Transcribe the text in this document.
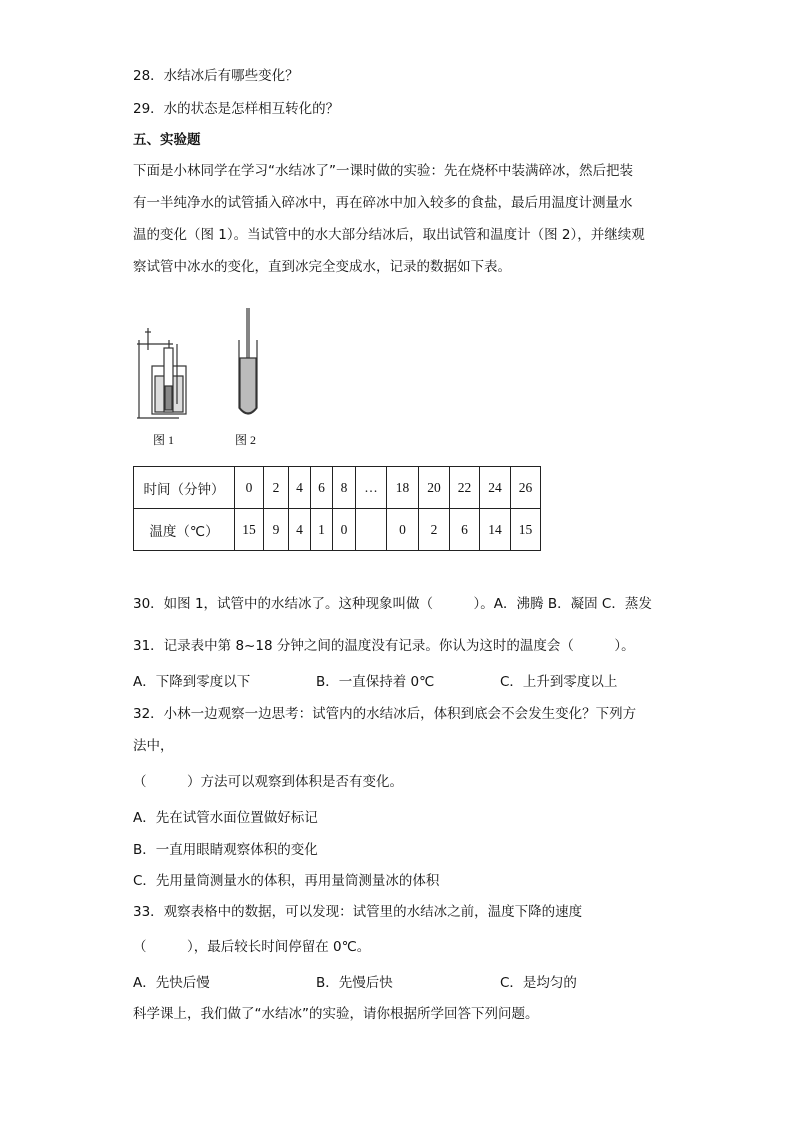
28．水结冰后有哪些变化？
29．水的状态是怎样相互转化的？
五、实验题
下面是小林同学在学习“水结冰了”一课时做的实验：先在烧杯中装满碎冰，然后把装
有一半纯净水的试管插入碎冰中，再在碎冰中加入较多的食盐，最后用温度计测量水
温的变化（图 1）。当试管中的水大部分结冰后，取出试管和温度计（图 2），并继续观
察试管中冰水的变化，直到冰完全变成水，记录的数据如下表。
图 1	图 2
时间（分钟）	0	2	4	6	8	…	18	20	22	24	26
温度（℃）	15	9	4	1	0		0	2	6	14	15
30．如图 1，试管中的水结冰了。这种现象叫做（　　　）。A．沸腾 B．凝固 C．蒸发
31．记录表中第 8~18 分钟之间的温度没有记录。你认为这时的温度会（　　　）。
A．下降到零度以下	B．一直保持着 0℃	C．上升到零度以上
32．小林一边观察一边思考：试管内的水结冰后，体积到底会不会发生变化？下列方
法中，
（　　　）方法可以观察到体积是否有变化。
A．先在试管水面位置做好标记
B．一直用眼睛观察体积的变化
C．先用量筒测量水的体积，再用量筒测量冰的体积
33．观察表格中的数据，可以发现：试管里的水结冰之前，温度下降的速度
（　　　），最后较长时间停留在 0℃。
A．先快后慢	B．先慢后快	C．是均匀的
科学课上，我们做了“水结冰”的实验，请你根据所学回答下列问题。
